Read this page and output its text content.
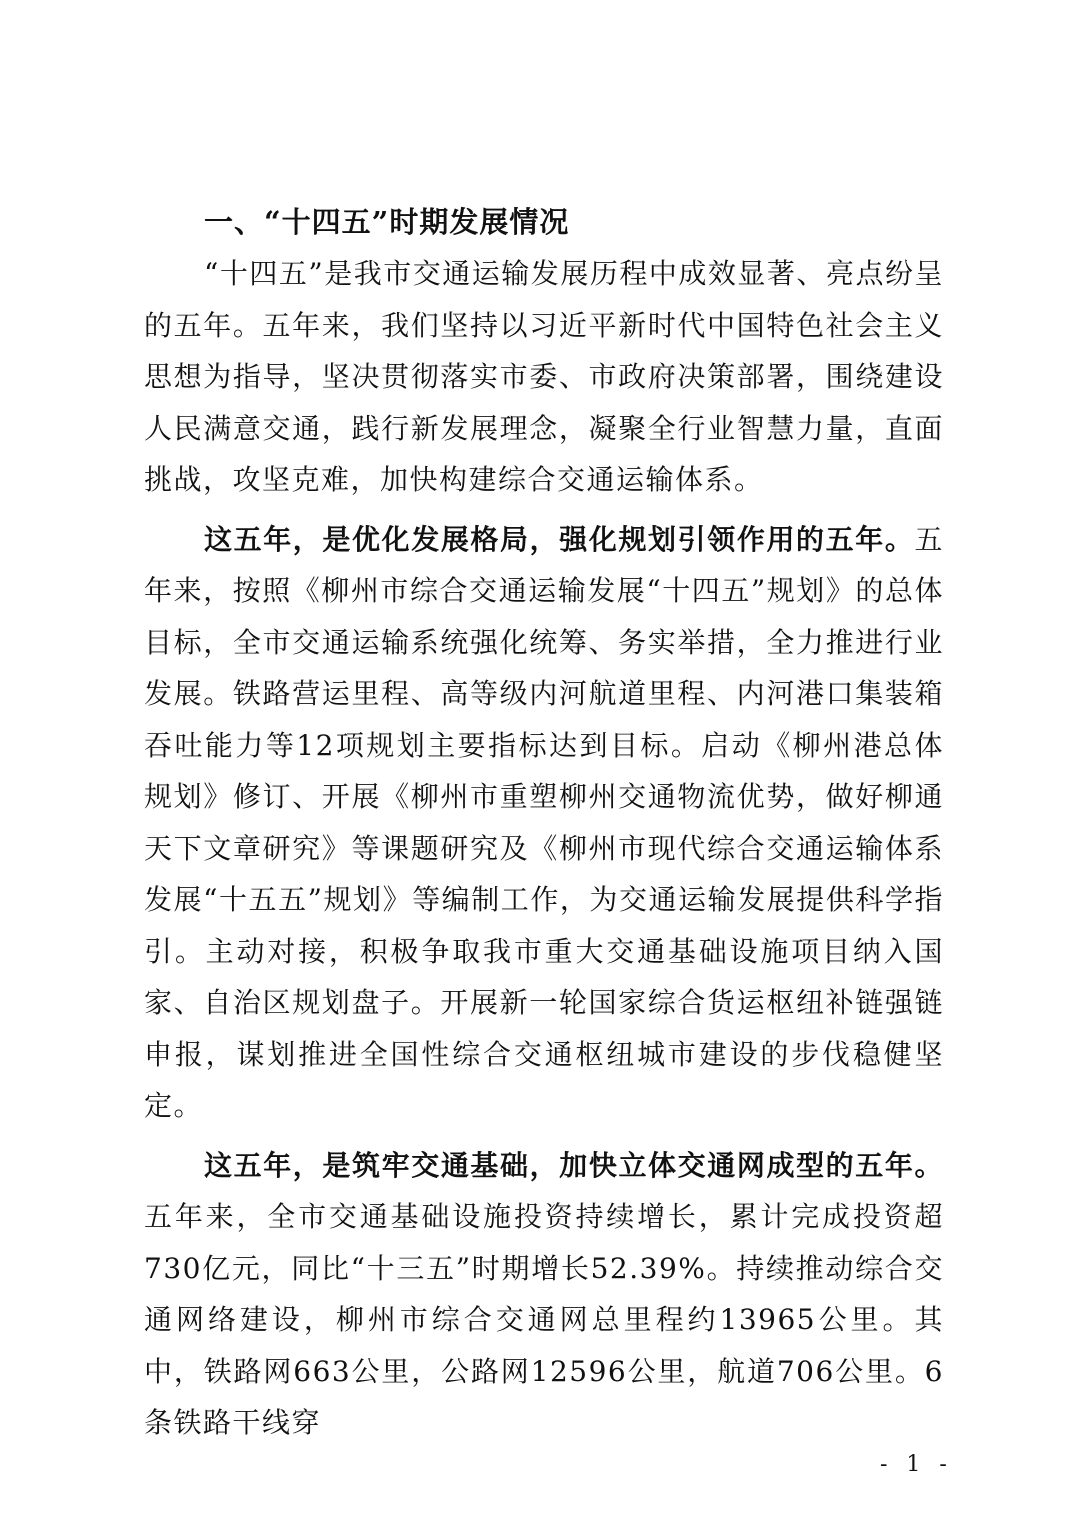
一、“十四五”时期发展情况

“十四五”是我市交通运输发展历程中成效显著、亮点纷呈的五年。五年来，我们坚持以习近平新时代中国特色社会主义思想为指导，坚决贯彻落实市委、市政府决策部署，围绕建设人民满意交通，践行新发展理念，凝聚全行业智慧力量，直面挑战，攻坚克难，加快构建综合交通运输体系。

这五年，是优化发展格局，强化规划引领作用的五年。五年来，按照《柳州市综合交通运输发展“十四五”规划》的总体目标，全市交通运输系统强化统筹、务实举措，全力推进行业发展。铁路营运里程、高等级内河航道里程、内河港口集装箱吞吐能力等12项规划主要指标达到目标。启动《柳州港总体规划》修订、开展《柳州市重塑柳州交通物流优势，做好柳通天下文章研究》等课题研究及《柳州市现代综合交通运输体系发展“十五五”规划》等编制工作，为交通运输发展提供科学指引。主动对接，积极争取我市重大交通基础设施项目纳入国家、自治区规划盘子。开展新一轮国家综合货运枢纽补链强链申报，谋划推进全国性综合交通枢纽城市建设的步伐稳健坚定。

这五年，是筑牢交通基础，加快立体交通网成型的五年。五年来，全市交通基础设施投资持续增长，累计完成投资超730亿元，同比“十三五”时期增长52.39%。持续推动综合交通网络建设，柳州市综合交通网总里程约13965公里。其中，铁路网663公里，公路网12596公里，航道706公里。6条铁路干线穿

- 1 -
